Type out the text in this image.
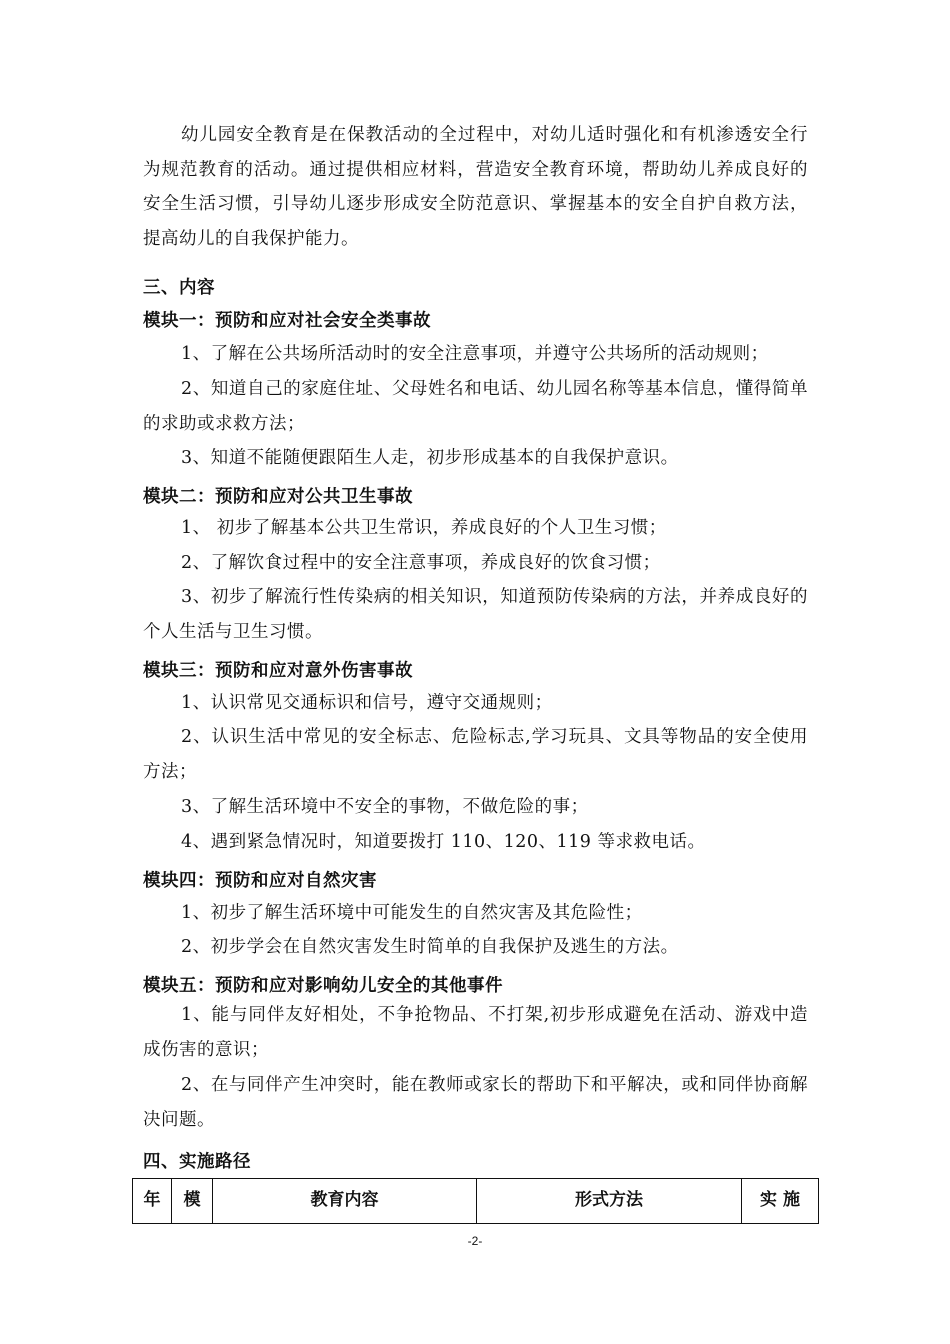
幼儿园安全教育是在保教活动的全过程中，对幼儿适时强化和有机渗透安全行为规范教育的活动。通过提供相应材料，营造安全教育环境，帮助幼儿养成良好的安全生活习惯，引导幼儿逐步形成安全防范意识、掌握基本的安全自护自救方法，提高幼儿的自我保护能力。
三、内容
模块一：预防和应对社会安全类事故
1、了解在公共场所活动时的安全注意事项，并遵守公共场所的活动规则；
2、知道自己的家庭住址、父母姓名和电话、幼儿园名称等基本信息，懂得简单的求助或求救方法；
3、知道不能随便跟陌生人走，初步形成基本的自我保护意识。
模块二：预防和应对公共卫生事故
1、 初步了解基本公共卫生常识，养成良好的个人卫生习惯；
2、了解饮食过程中的安全注意事项，养成良好的饮食习惯；
3、初步了解流行性传染病的相关知识，知道预防传染病的方法，并养成良好的个人生活与卫生习惯。
模块三：预防和应对意外伤害事故
1、认识常见交通标识和信号，遵守交通规则；
2、认识生活中常见的安全标志、危险标志,学习玩具、文具等物品的安全使用方法；
3、了解生活环境中不安全的事物，不做危险的事；
4、遇到紧急情况时，知道要拨打 110、120、119 等求救电话。
模块四：预防和应对自然灾害
1、初步了解生活环境中可能发生的自然灾害及其危险性；
2、初步学会在自然灾害发生时简单的自我保护及逃生的方法。
模块五：预防和应对影响幼儿安全的其他事件
1、能与同伴友好相处，不争抢物品、不打架,初步形成避免在活动、游戏中造成伤害的意识；
2、在与同伴产生冲突时，能在教师或家长的帮助下和平解决，或和同伴协商解决问题。
四、实施路径
年	模	教育内容	形式方法	实 施
-2-
